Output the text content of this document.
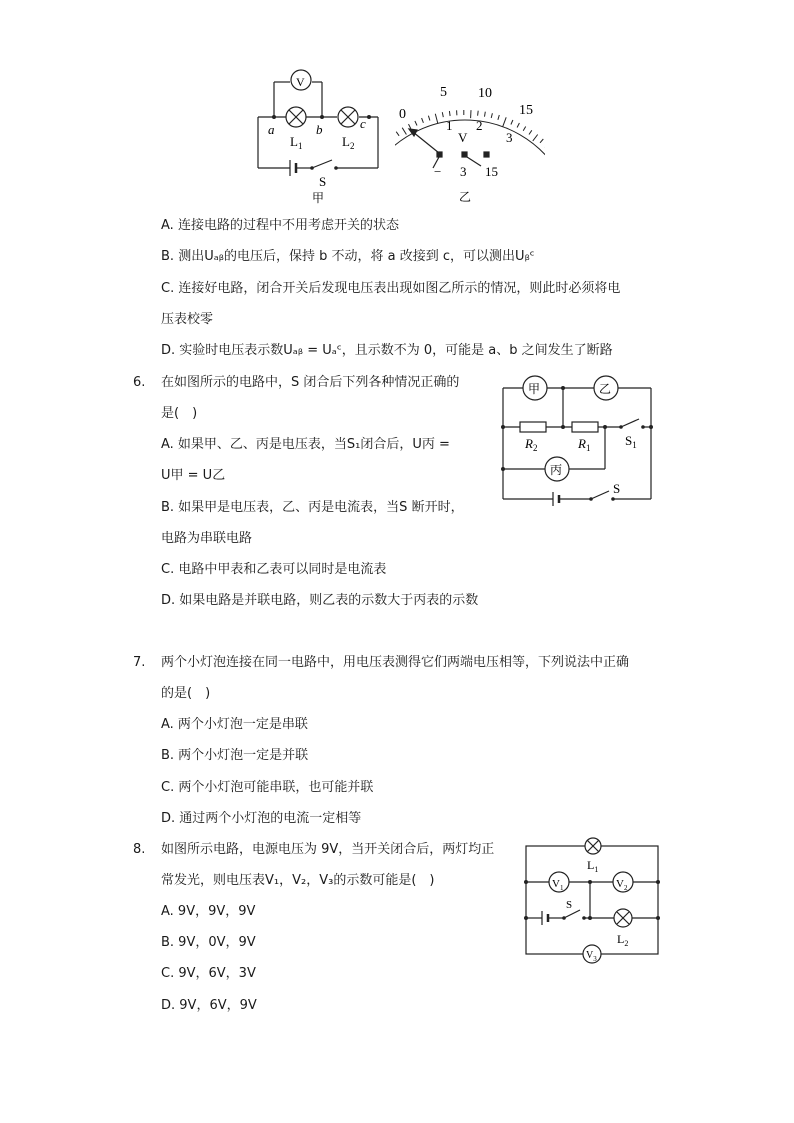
V
a	b	c
$L_1$	$L_2$
S
甲
0
5 10
15
1 2
3
V
− 3 15
乙
A. 连接电路的过程中不用考虑开关的状态
B. 测出Uₐᵦ的电压后，保持 b 不动，将 a 改接到 c，可以测出Uᵦᶜ
C. 连接好电路，闭合开关后发现电压表出现如图乙所示的情况，则此时必须将电
压表校零
D. 实验时电压表示数Uₐᵦ = Uₐᶜ，且示数不为 0，可能是 a、b 之间发生了断路
6. 在如图所示的电路中，S 闭合后下列各种情况正确的
是(　)
A. 如果甲、乙、丙是电压表，当S₁闭合后，U丙 =
U甲 = U乙
B. 如果甲是电压表，乙、丙是电流表，当S 断开时，
电路为串联电路
C. 电路中甲表和乙表可以同时是电流表
D. 如果电路是并联电路，则乙表的示数大于丙表的示数
甲	乙
丙
$R_2$	$R_1$	$S_1$
S
7. 两个小灯泡连接在同一电路中，用电压表测得它们两端电压相等，下列说法中正确
的是(　)
A. 两个小灯泡一定是串联
B. 两个小灯泡一定是并联
C. 两个小灯泡可能串联，也可能并联
D. 通过两个小灯泡的电流一定相等
8. 如图所示电路，电源电压为 9V，当开关闭合后，两灯均正
常发光，则电压表V₁，V₂，V₃的示数可能是(　)
A. 9V，9V，9V
B. 9V，0V，9V
C. 9V，6V，3V
D. 9V，6V，9V
$L_1$
$L_2$
$V_1$	$V_2$
$V_3$
S
